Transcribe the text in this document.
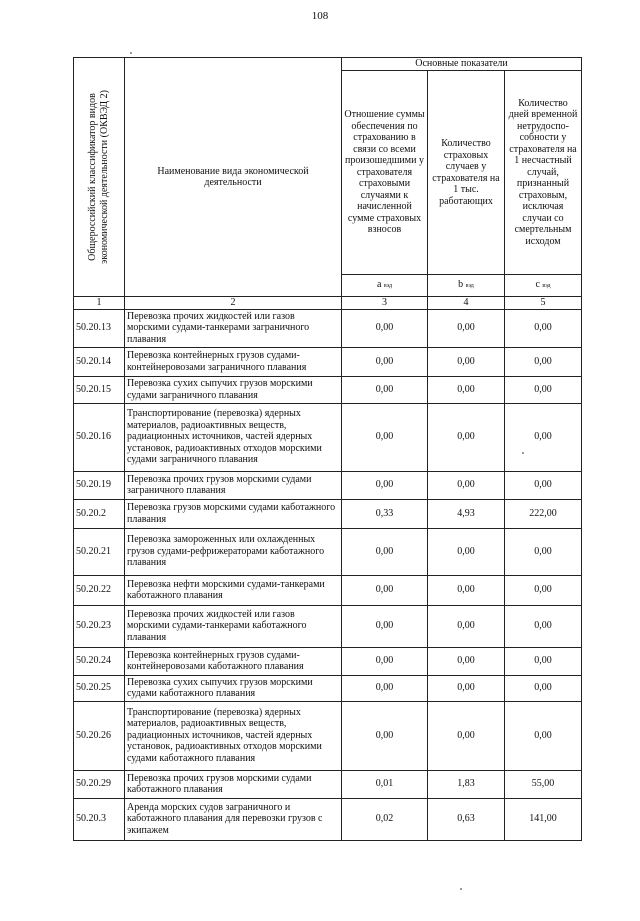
108
Общероссийский классификатор видов экономической деятельности (ОКВЭД 2)	Наименование вида экономической деятельности	Основные показатели		
		Отношение суммы обеспечения по страхованию в связи со всеми произошедшими у страхователя страховыми случаями к начисленной сумме страховых взносов	Количество страховых случаев у страхователя на 1 тыс. работающих	Количество дней временной нетрудоспо-собности у страхователя на 1 несчастный случай, признанный страховым, исключая случаи со смертельным исходом
		a вэд	b вэд	c вэд
1	2	3	4	5
50.20.13	Перевозка прочих жидкостей или газов морскими судами-танкерами заграничного плавания	0,00	0,00	0,00
50.20.14	Перевозка контейнерных грузов судами-контейнеровозами заграничного плавания	0,00	0,00	0,00
50.20.15	Перевозка сухих сыпучих грузов морскими судами заграничного плавания	0,00	0,00	0,00
50.20.16	Транспортирование (перевозка) ядерных материалов, радиоактивных веществ, радиационных источников, частей ядерных установок, радиоактивных отходов морскими судами заграничного плавания	0,00	0,00	0,00
50.20.19	Перевозка прочих грузов морскими судами заграничного плавания	0,00	0,00	0,00
50.20.2	Перевозка грузов морскими судами каботажного плавания	0,33	4,93	222,00
50.20.21	Перевозка замороженных или охлажденных грузов судами-рефрижераторами каботажного плавания	0,00	0,00	0,00
50.20.22	Перевозка нефти морскими судами-танкерами каботажного плавания	0,00	0,00	0,00
50.20.23	Перевозка прочих жидкостей или газов морскими судами-танкерами каботажного плавания	0,00	0,00	0,00
50.20.24	Перевозка контейнерных грузов судами-контейнеровозами каботажного плавания	0,00	0,00	0,00
50.20.25	Перевозка сухих сыпучих грузов морскими судами каботажного плавания	0,00	0,00	0,00
50.20.26	Транспортирование (перевозка) ядерных материалов, радиоактивных веществ, радиационных источников, частей ядерных установок, радиоактивных отходов морскими судами каботажного плавания	0,00	0,00	0,00
50.20.29	Перевозка прочих грузов морскими судами каботажного плавания	0,01	1,83	55,00
50.20.3	Аренда морских судов заграничного и каботажного плавания для перевозки грузов с экипажем	0,02	0,63	141,00
